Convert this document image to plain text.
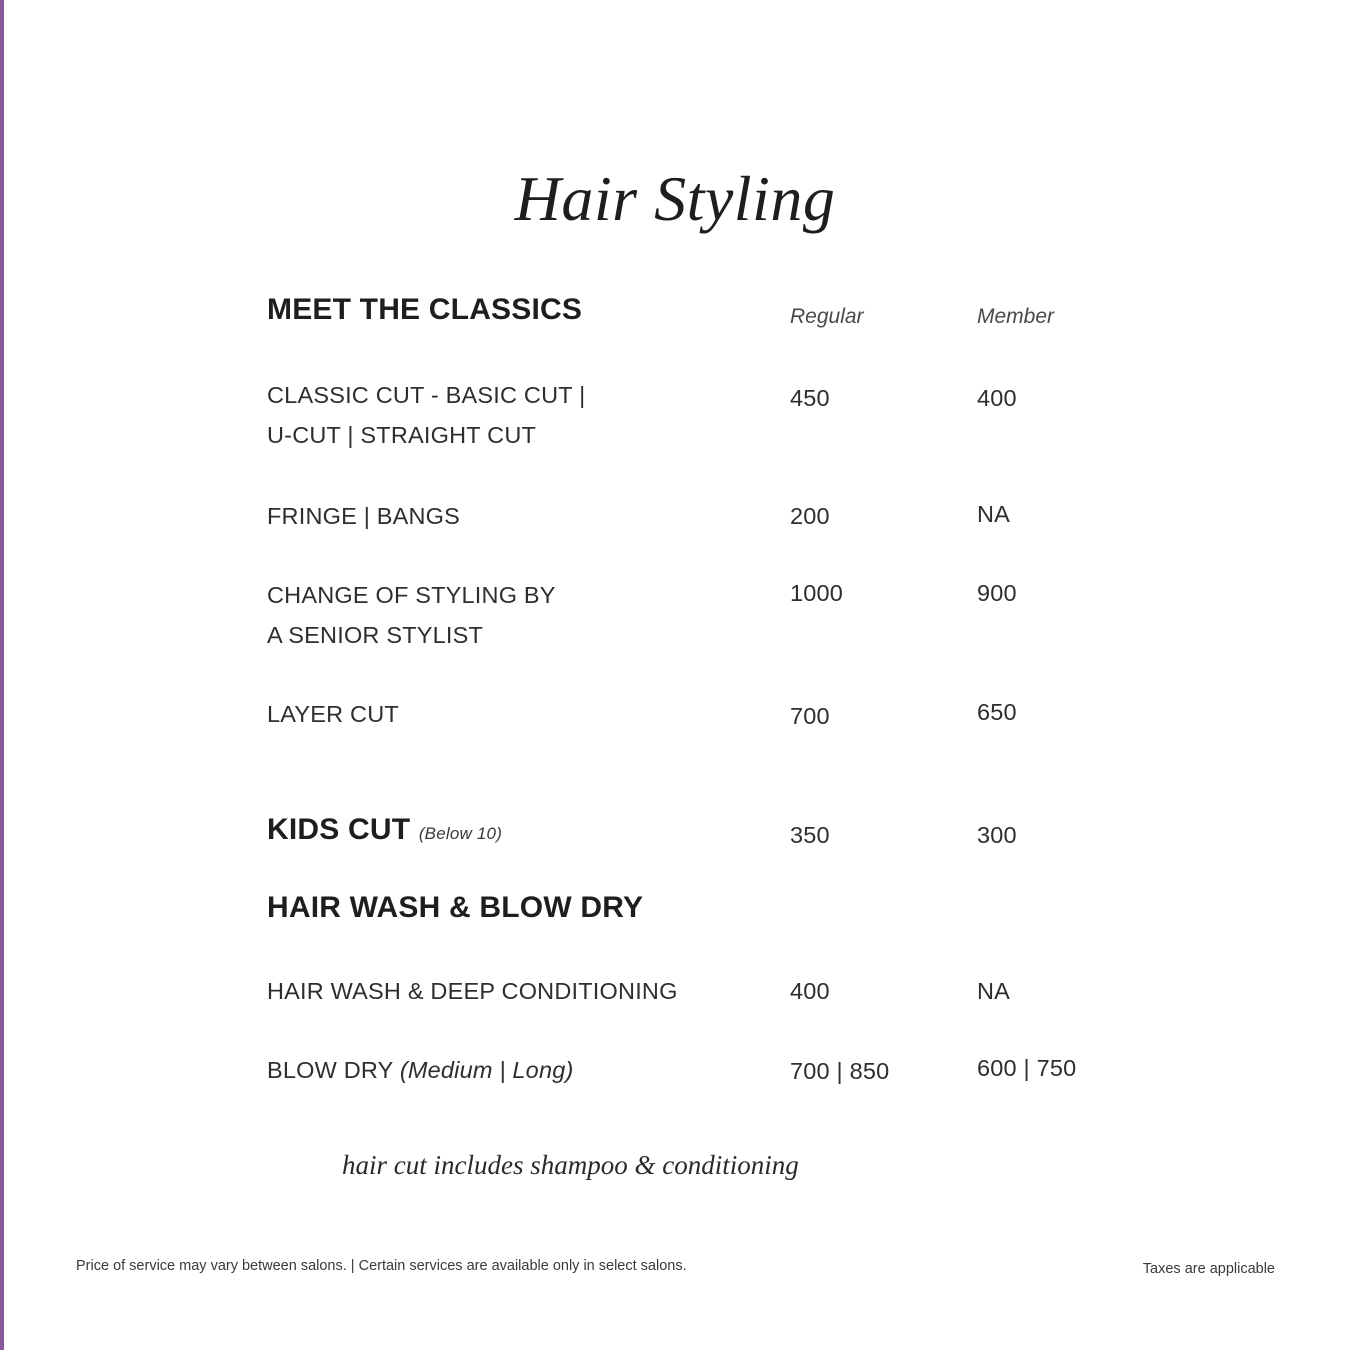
Hair Styling
MEET THE CLASSICS	Regular	Member
CLASSIC CUT - BASIC CUT |
U-CUT | STRAIGHT CUT
450	400
FRINGE | BANGS	200	NA
CHANGE OF STYLING BY
A SENIOR STYLIST
1000	900
LAYER CUT	700	650
KIDS CUT (Below 10)	350	300
HAIR WASH & BLOW DRY
HAIR WASH & DEEP CONDITIONING	400	NA
BLOW DRY (Medium | Long)	700 | 850	600 | 750
hair cut includes shampoo & conditioning
Price of service may vary between salons. | Certain services are available only in select salons.	Taxes are applicable
